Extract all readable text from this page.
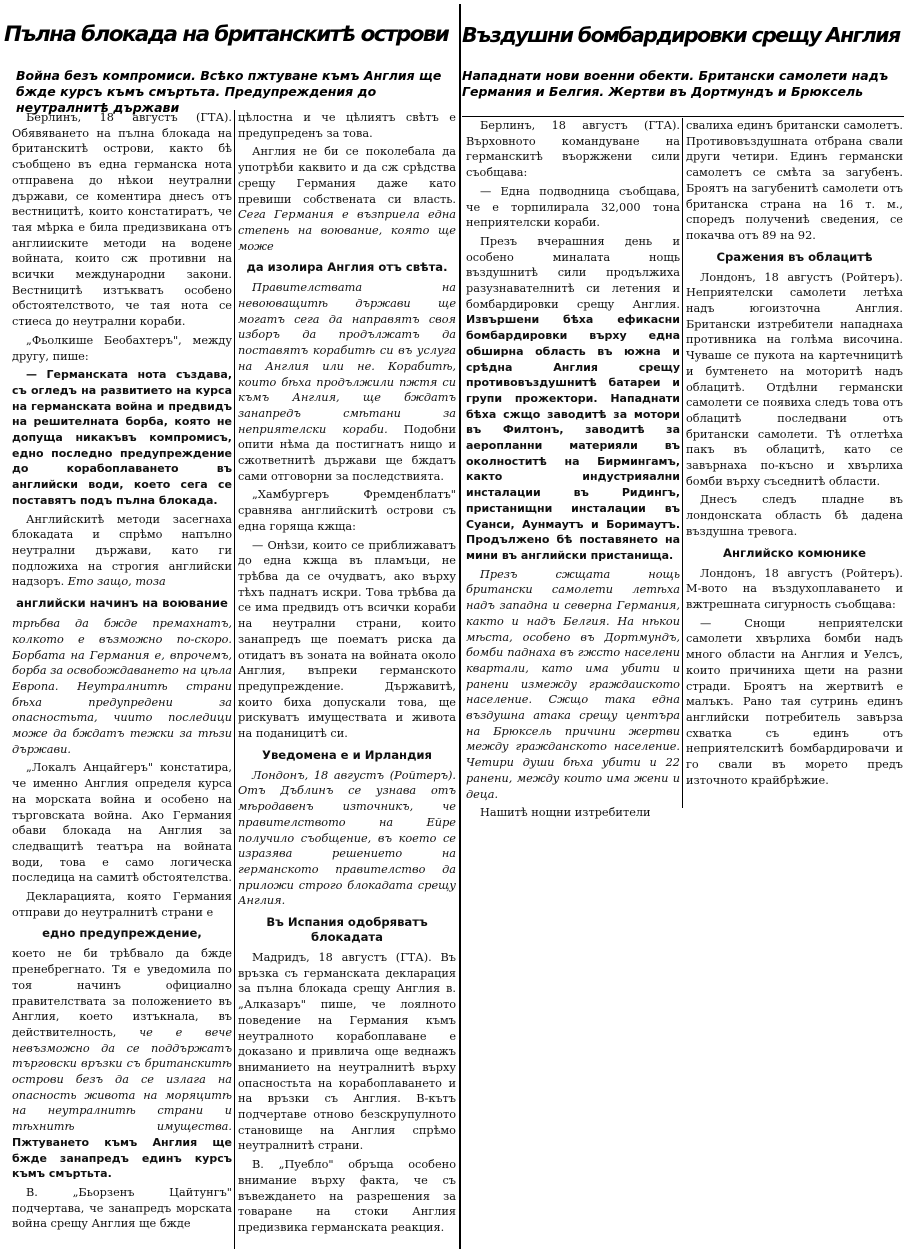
Пълна блокада на британскитѣ острови Въздушни бомбардировки срещу Англия
Война безъ компромиси. Всѣко пжтуване къмъ Англия ще бжде курсъ къмъ смъртьта. Предупреждения до неутралнитѣ държави
Нападнати нови военни обекти. Британски самолети надъ Германия и Белгия. Жертви въ Дортмундъ и Брюксель

Берлинъ, 18 августъ (ГТА). Обявяването на пълна блокада на британскитѣ острови, както бѣ съобщено въ една германска нота отправена до нѣкои неутрални държави, се коментира днесъ отъ вестницитѣ, които констатиратъ, че тая мѣрка е била предизвикана отъ англииските методи на водене войната, които сж противни на всички международни закони. Вестницитѣ изтъкватъ особено обстоятелството, че тая нота се стиеса до неутрални кораби.

„Фьолкише Беобахтеръ", между другу, пише:

— Германската нота създава, съ огледъ на развитието на курса на германската война и предвидъ на решителната борба, която не допуща никакъвъ компромисъ, едно последно предупреждение до корабоплаването въ английски води, което сега се поставятъ подъ пълна блокада.

Английскитѣ методи засегнаха блокадата и спрѣмо напълно неутрални държави, като ги подложиха на строгия английски надзоръ. Ето защо, тоза

английски начинъ на воювание

трѣбва да бжде премахнатъ, колкото е възможно по-скоро. Борбата на Германия е, впрочемъ, борба за освобождаването на цѣла Европа. Неутралнитѣ страни бѣха предупредени за опасностьта, чиито последици може да бждатъ тежки за тѣзи държави.

„Локалъ Анцайгеръ" констатира, че именно Англия определя курса на морската война и особено на търговската война. Ако Германия обави блокада на Англия за следващитѣ театъра на войната води, това е само логическа последица на самитѣ обстоятелства.

Декларацията, която Германия отправи до неутралнитѣ страни е

едно предупреждение,

което не би трѣбвало да бжде пренебрегнато. Тя е уведомила по тоя начинъ официално правителствата за положението въ Англия, което изтъкнала, въ действителность, че е вече невъзможно да се поддържатъ търговски връзки съ британскитѣ острови безъ да се излага на опасность живота на моряцитѣ на неутралнитѣ страни и тѣхнитѣ имущества. Пжтуването къмъ Англия ще бжде занапредъ единъ курсъ къмъ смъртьта.

В. „Бьорзенъ Цайтунгъ" подчертава, че занапредъ морската война срещу Англия ще бжде

цѣлостна и че цѣлиятъ свѣтъ е предупреденъ за това.

Англия не би се поколебала да употрѣби каквито и да сж срѣдства срещу Германия даже като превиши собствената си власть. Сега Германия е възприела една степень на воювание, която ще може

да изолира Англия отъ свѣта.

Правителствата на невоюващитѣ държави ще могатъ сега да направятъ своя изборъ да продължатъ да поставятъ корабитѣ си въ услуга на Англия или не. Корабитѣ, които бѣха продължили пжтя си къмъ Англия, ще бждатъ занапредъ смѣтани за неприятелски кораби. Подобни опити нѣма да постигнатъ нищо и сжответнитѣ държави ще бждатъ сами отговорни за последствията.

„Хамбургеръ Фремденблатъ" сравнява английскитѣ острови съ една горяща кжща:

— Онѣзи, които се приближаватъ до една кжща въ пламъци, не трѣбва да се очудватъ, ако върху тѣхъ паднатъ искри. Това трѣбва да се има предвидъ отъ всички кораби на неутрални страни, които занапредъ ще поематъ риска да отидатъ въ зоната на войната около Англия, въпреки германското предупреждение. Държавитѣ, които биха допускали това, ще рискуватъ имуществата и живота на поданицитѣ си.

Уведомена е и Ирландия

Лондонъ, 18 августъ (Ройтеръ). Отъ Дъблинъ се узнава отъ мѣродавенъ източникъ, че правителството на Ейре получило съобщение, въ което се изразява решението на германското правителство да приложи строго блокадата срещу Англия.

Въ Испания одобряватъ блокадата

Мадридъ, 18 августъ (ГТА). Въ връзка съ германската декларация за пълна блокада срещу Англия в. „Алказаръ" пише, че лоялното поведение на Германия къмъ неутралното корабоплаване е доказано и привлича още веднажъ вниманието на неутралнитѣ върху опасностьта на корабоплаването и на връзки съ Англия. В-кътъ подчертаве отново безскрупулното становище на Англия спрѣмо неутралнитѣ страни.

В. „Пуебло" обръща особено внимание върху факта, че съ въвеждането на разрешения за товаране на стоки Англия предизвика германската реакция.

Берлинъ, 18 августъ (ГТА). Върховното командуване на германскитѣ въоржжени сили съобщава:

— Една подводница съобщава, че е торпилирала 32,000 тона неприятелски кораби.

Презъ вчерашния день и особено миналата нощь въздушнитѣ сили продължиха разузнавателнитѣ си летения и бомбардировки срещу Англия. Извършени бѣха ефикасни бомбардировки върху една обширна область въ южна и срѣдна Англия срещу противовъздушнитѣ батареи и групи прожектори. Нападнати бѣха сжщо заводитѣ за мотори въ Филтонъ, заводитѣ за аеропланни материяли въ околноститѣ на Бирмингамъ, както индустрияални инсталации въ Ридингъ, пристанищни инсталации въ Суанси, Аунмаутъ и Боримаутъ. Продължено бѣ поставянето на мини въ английски пристанища.

Презъ сжщата нощь британски самолети летѣха надъ западна и северна Германия, както и надъ Белгия. На нѣкои мѣста, особено въ Дортмундъ, бомби паднаха въ гжсто населени квартали, като има убити и ранени измежду граждаиското население. Сжщо така една въздушна атака срещу центъра на Брюксель причини жертви между гражданското население. Четири души бѣха убити и 22 ранени, между които има жени и деца.

Нашитѣ нощни изтребители

свалиха единъ британски самолетъ. Противовъздушната отбрана свали други четири. Единъ германски самолетъ се смѣта за загубенъ. Броятъ на загубенитѣ самолети отъ британска страна на 16 т. м., споредъ получениѣ сведения, се покачва отъ 89 на 92.

Сражения въ облацитѣ

Лондонъ, 18 августъ (Ройтеръ). Неприятелски самолети летѣха надъ югоизточна Англия. Британски изтребители нападнаха противника на голѣма височина. Чуваше се пукота на картечницитѣ и бумтенето на моторитѣ надъ облацитѣ. Отдѣлни германски самолети се появиха следъ това отъ облацитѣ последвани отъ британски самолети. Тѣ отлетѣха пакъ въ облацитѣ, като се завърнаха по-късно и хвърлиха бомби върху съседнитѣ области.

Днесъ следъ пладне въ лондонската область бѣ дадена въздушна тревога.

Английско комюнике

Лондонъ, 18 августъ (Ройтеръ). М-вото на въздухоплаването и вжтрешната сигурность съобщава:

— Снощи неприятелски самолети хвърлиха бомби надъ много области на Англия и Уелсъ, които причиниха щети на разни стради. Броятъ на жертвитѣ е малъкъ. Рано тая сутринь единъ английски потребитель завърза схватка съ единъ отъ неприятелскитѣ бомбардировачи и го свали въ морето предъ източното крайбрѣжие.
